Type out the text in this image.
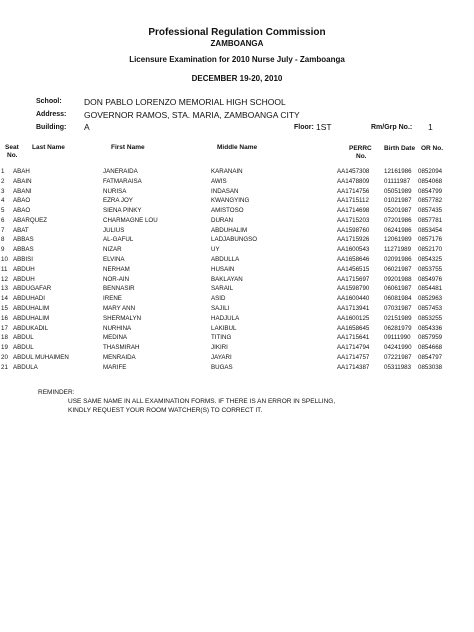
Professional Regulation Commission
ZAMBOANGA
Licensure Examination for 2010 Nurse July - Zamboanga
DECEMBER 19-20, 2010
School:	DON PABLO LORENZO MEMORIAL HIGH SCHOOL
Address: GOVERNOR RAMOS, STA. MARIA, ZAMBOANGA CITY
Building: A	Floor: 1ST	Rm/Grp No.: 1
Seat
No.
Last Name	First Name	Middle Name	PERRC
No.
Birth Date OR No.
1 ABAH	JANERAIDA	KARANAIN	AA1457308 12161986 0852094
2 ABAIN	FATMARAISA	AWIS	AA1478809 01111987 0854068
3 ABANI	NURISA	INDASAN	AA1714756 05051989 0854799
4 ABAO	EZRA JOY	KWANGYING	AA1715112 01021987 0857782
5 ABAO	SIENA PINKY	AMISTOSO	AA1714698 05201987 0857435
6 ABARQUEZ	CHARMAGNE LOU	DURAN	AA1715203 07201986 0857781
7 ABAT	JULIUS	ABDUHALIM	AA1598760 06241986 0853454
8 ABBAS	AL-GAFUL	LADJABUNGSO	AA1715926 12061989 0857176
9 ABBAS	NIZAR	UY	AA1600543 11271989 0852170
10 ABBISI	ELVINA	ABDULLA	AA1658646 02091986 0854325
11 ABDUH	NERHAM	HUSAIN	AA1456515 06021987 0853755
12 ABDUH	NOR-AIN	BAKLAYAN	AA1715697 09201988 0854976
13 ABDUGAFAR	BENNASIR	SARAIL	AA1598790 06061987 0854481
14 ABDUHADI	IRENE	ASID	AA1600440 06081984 0852963
15 ABDUHALIM	MARY ANN	SAJILI	AA1713941 07031987 0857453
16 ABDUHALIM	SHERMALYN	HADJULA	AA1600125 02151989 0853255
17 ABDUKADIL	NURHINA	LAKIBUL	AA1658645 06281979 0854336
18 ABDUL	MEDINA	TITING	AA1715641 09111990 0857959
19 ABDUL	THASMIRAH	JIKIRI	AA1714794 04241990 0854668
20 ABDUL MUHAIMEN	MENRAIDA	JAYARI	AA1714757 07221987 0854797
21 ABDULA	MARIFE	BUGAS	AA1714387 05311983 0853038
REMINDER:
USE SAME NAME IN ALL EXAMINATION FORMS. IF THERE IS AN ERROR IN SPELLING,
KINDLY REQUEST YOUR ROOM WATCHER(S) TO CORRECT IT.
